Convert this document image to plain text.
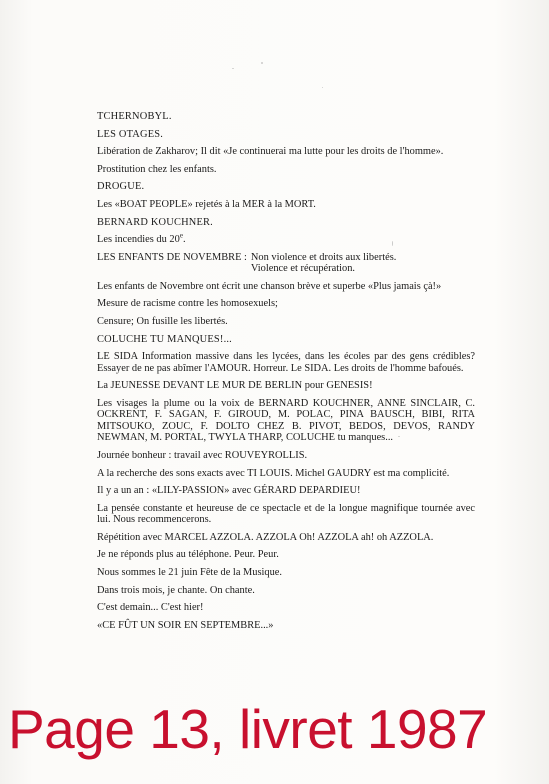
TCHERNOBYL.

LES OTAGES.

Libération de Zakharov; Il dit «Je continuerai ma lutte pour les droits de l'homme».

Prostitution chez les enfants.

DROGUE.

Les «BOAT PEOPLE» rejetés à la MER à la MORT.

BERNARD KOUCHNER.

Les incendies du 20e.

LES ENFANTS DE NOVEMBRE : Non violence et droits aux libertés.
Violence et récupération.

Les enfants de Novembre ont écrit une chanson brève et superbe «Plus jamais çà!»

Mesure de racisme contre les homosexuels;

Censure; On fusille les libertés.

COLUCHE TU MANQUES!...

LE SIDA Information massive dans les lycées, dans les écoles par des gens crédibles? Essayer de ne pas abîmer l'AMOUR. Horreur. Le SIDA. Les droits de l'homme bafoués.

La JEUNESSE DEVANT LE MUR DE BERLIN pour GENESIS!

Les visages la plume ou la voix de BERNARD KOUCHNER, ANNE SINCLAIR, C. OCKRENT, F. SAGAN, F. GIROUD, M. POLAC, PINA BAUSCH, BIBI, RITA MITSOUKO, ZOUC, F. DOLTO CHEZ B. PIVOT, BEDOS, DEVOS, RANDY NEWMAN, M. PORTAL, TWYLA THARP, COLUCHE tu manques...

Journée bonheur : travail avec ROUVEYROLLIS.

A la recherche des sons exacts avec TI LOUIS. Michel GAUDRY est ma complicité.

Il y a un an : «LILY-PASSION» avec GÉRARD DEPARDIEU!

La pensée constante et heureuse de ce spectacle et de la longue magnifique tournée avec lui. Nous recommencerons.

Répétition avec MARCEL AZZOLA. AZZOLA Oh! AZZOLA ah! oh AZZOLA.

Je ne réponds plus au téléphone. Peur. Peur.

Nous sommes le 21 juin Fête de la Musique.

Dans trois mois, je chante. On chante.

C'est demain... C'est hier!

«CE FÛT UN SOIR EN SEPTEMBRE...»

Page 13, livret 1987
